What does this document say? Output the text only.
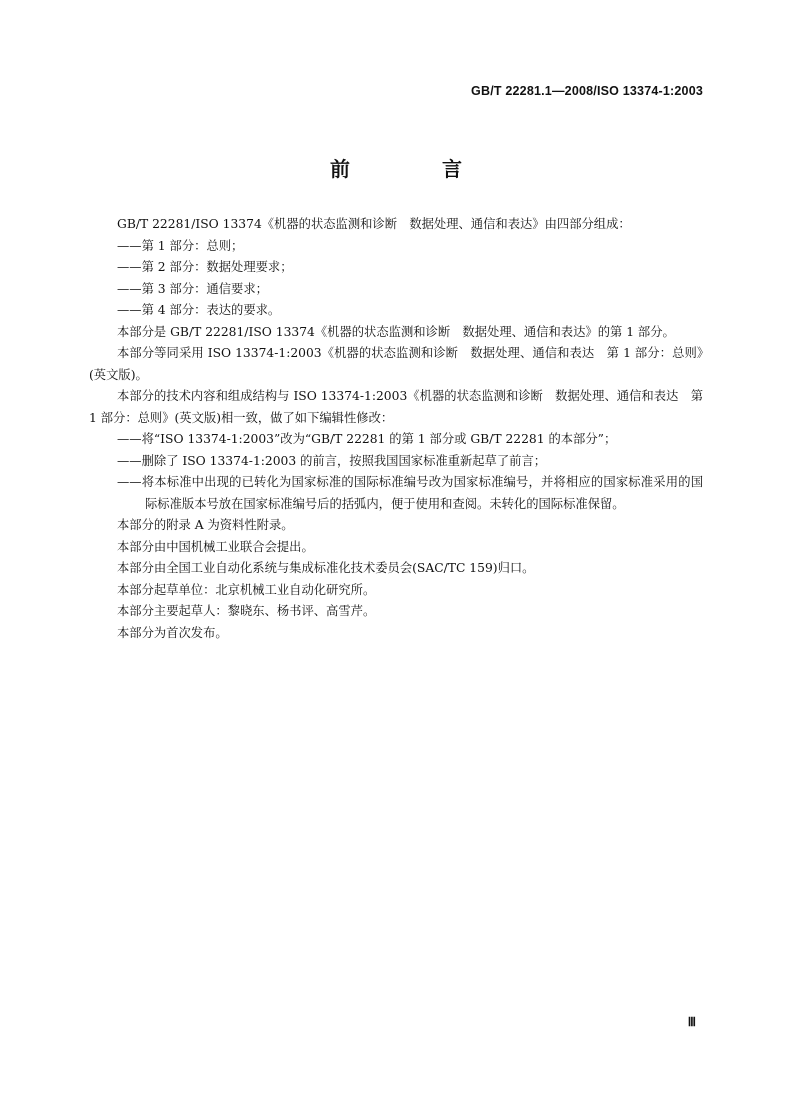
GB/T 22281.1—2008/ISO 13374-1:2003
前　言
GB/T 22281/ISO 13374《机器的状态监测和诊断　数据处理、通信和表达》由四部分组成：
——第 1 部分：总则；
——第 2 部分：数据处理要求；
——第 3 部分：通信要求；
——第 4 部分：表达的要求。
本部分是 GB/T 22281/ISO 13374《机器的状态监测和诊断　数据处理、通信和表达》的第 1 部分。
本部分等同采用 ISO 13374-1:2003《机器的状态监测和诊断　数据处理、通信和表达　第 1 部分：总则》(英文版)。
本部分的技术内容和组成结构与 ISO 13374-1:2003《机器的状态监测和诊断　数据处理、通信和表达　第 1 部分：总则》(英文版)相一致，做了如下编辑性修改：
——将“ISO 13374-1:2003”改为“GB/T 22281 的第 1 部分或 GB/T 22281 的本部分”；
——删除了 ISO 13374-1:2003 的前言，按照我国国家标准重新起草了前言；
——将本标准中出现的已转化为国家标准的国际标准编号改为国家标准编号，并将相应的国家标准采用的国际标准版本号放在国家标准编号后的括弧内，便于使用和查阅。未转化的国际标准保留。
本部分的附录 A 为资料性附录。
本部分由中国机械工业联合会提出。
本部分由全国工业自动化系统与集成标准化技术委员会(SAC/TC 159)归口。
本部分起草单位：北京机械工业自动化研究所。
本部分主要起草人：黎晓东、杨书评、高雪芹。
本部分为首次发布。
Ⅲ
